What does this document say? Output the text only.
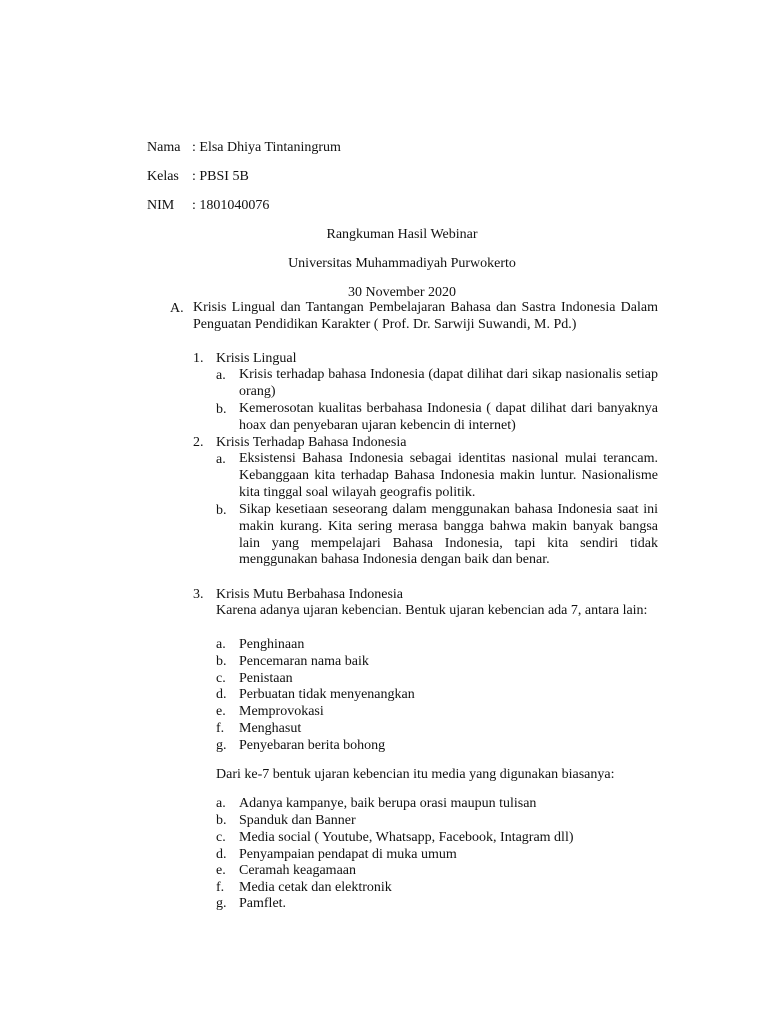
Nama : Elsa Dhiya Tintaningrum
Kelas : PBSI 5B
NIM : 1801040076
Rangkuman Hasil Webinar
Universitas Muhammadiyah Purwokerto
30 November 2020
A. Krisis Lingual dan Tantangan Pembelajaran Bahasa dan Sastra Indonesia Dalam Penguatan Pendidikan Karakter ( Prof. Dr. Sarwiji Suwandi, M. Pd.)
1. Krisis Lingual
a. Krisis terhadap bahasa Indonesia (dapat dilihat dari sikap nasionalis setiap orang)
b. Kemerosotan kualitas berbahasa Indonesia ( dapat dilihat dari banyaknya hoax dan penyebaran ujaran kebencin di internet)
2. Krisis Terhadap Bahasa Indonesia
a. Eksistensi Bahasa Indonesia sebagai identitas nasional mulai terancam. Kebanggaan kita terhadap Bahasa Indonesia makin luntur. Nasionalisme kita tinggal soal wilayah geografis politik.
b. Sikap kesetiaan seseorang dalam menggunakan bahasa Indonesia saat ini makin kurang. Kita sering merasa bangga bahwa makin banyak bangsa lain yang mempelajari Bahasa Indonesia, tapi kita sendiri tidak menggunakan bahasa Indonesia dengan baik dan benar.
3. Krisis Mutu Berbahasa Indonesia
Karena adanya ujaran kebencian. Bentuk ujaran kebencian ada 7, antara lain:
a. Penghinaan
b. Pencemaran nama baik
c. Penistaan
d. Perbuatan tidak menyenangkan
e. Memprovokasi
f. Menghasut
g. Penyebaran berita bohong
Dari ke-7 bentuk ujaran kebencian itu media yang digunakan biasanya:
a. Adanya kampanye, baik berupa orasi maupun tulisan
b. Spanduk dan Banner
c. Media social ( Youtube, Whatsapp, Facebook, Intagram dll)
d. Penyampaian pendapat di muka umum
e. Ceramah keagamaan
f. Media cetak dan elektronik
g. Pamflet.
